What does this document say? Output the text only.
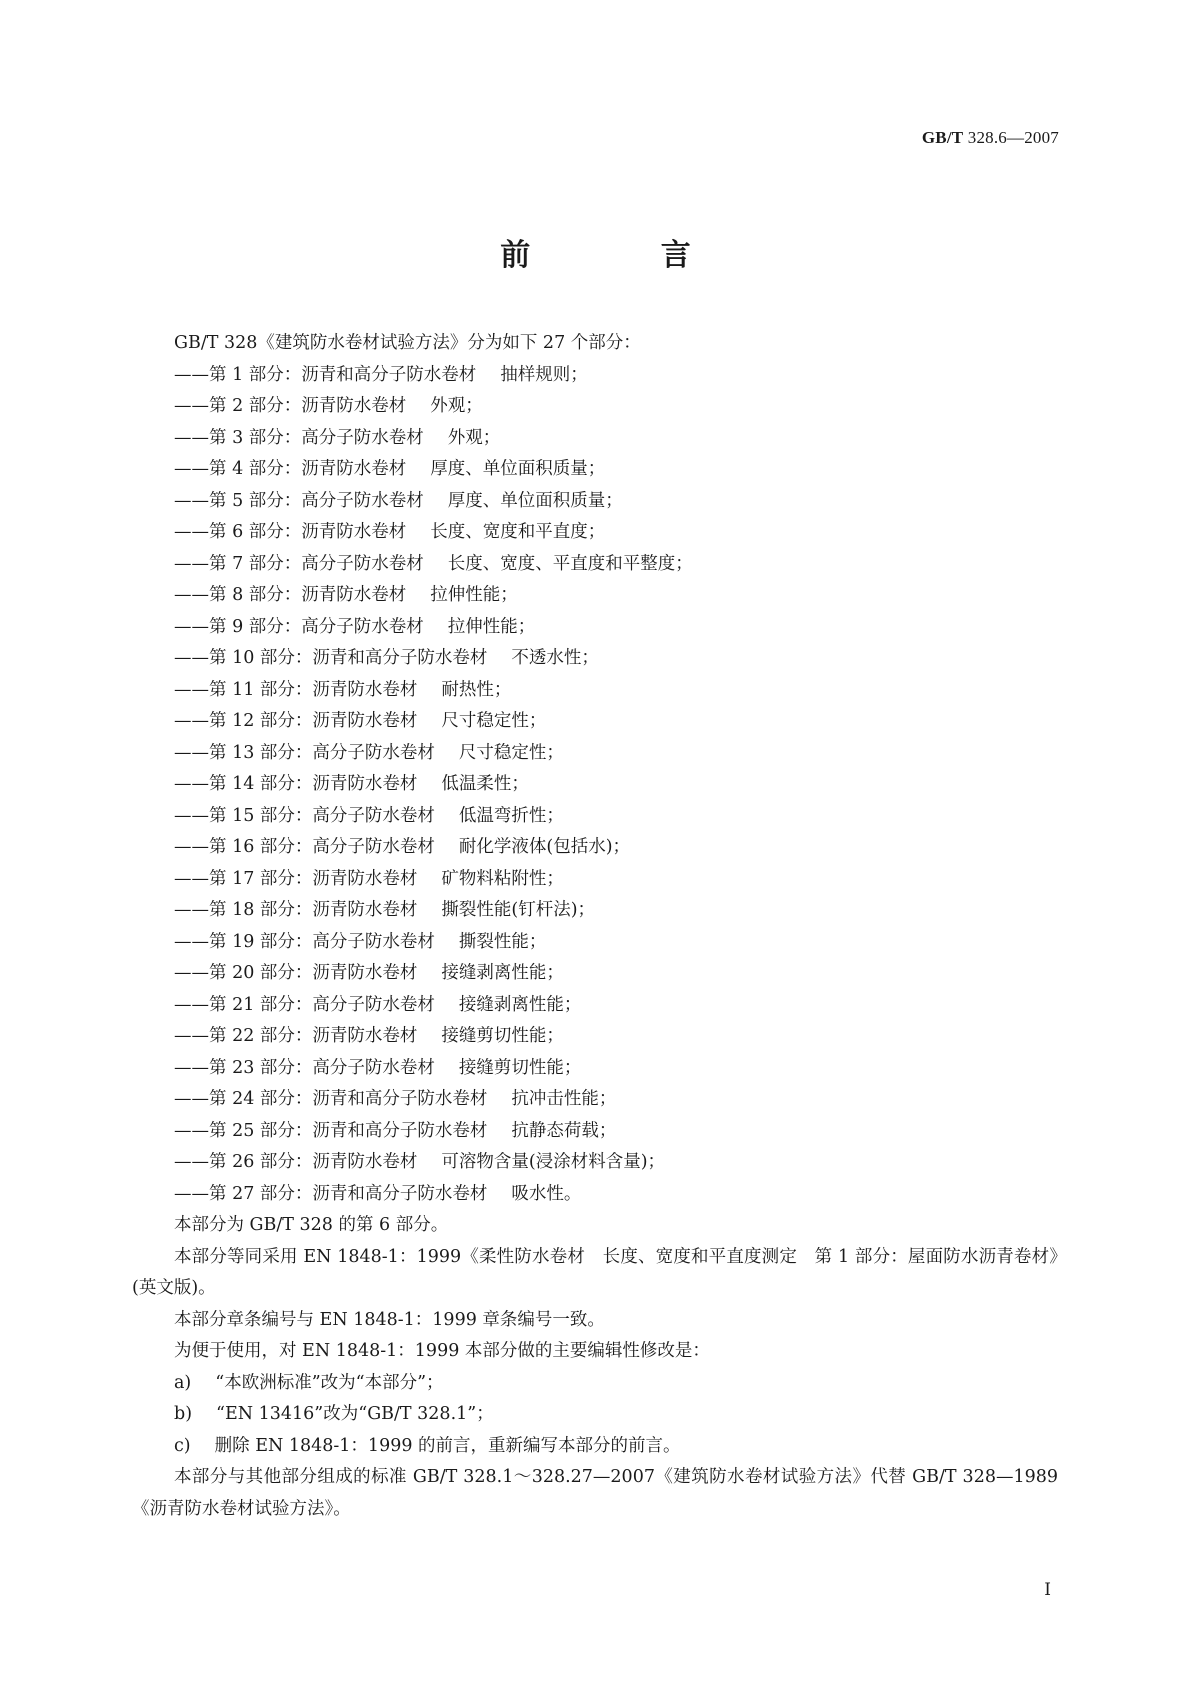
GB/T 328.6—2007
前 言
GB/T 328《建筑防水卷材试验方法》分为如下 27 个部分：
——第 1 部分：沥青和高分子防水卷材 抽样规则；
——第 2 部分：沥青防水卷材 外观；
——第 3 部分：高分子防水卷材 外观；
——第 4 部分：沥青防水卷材 厚度、单位面积质量；
——第 5 部分：高分子防水卷材 厚度、单位面积质量；
——第 6 部分：沥青防水卷材 长度、宽度和平直度；
——第 7 部分：高分子防水卷材 长度、宽度、平直度和平整度；
——第 8 部分：沥青防水卷材 拉伸性能；
——第 9 部分：高分子防水卷材 拉伸性能；
——第 10 部分：沥青和高分子防水卷材 不透水性；
——第 11 部分：沥青防水卷材 耐热性；
——第 12 部分：沥青防水卷材 尺寸稳定性；
——第 13 部分：高分子防水卷材 尺寸稳定性；
——第 14 部分：沥青防水卷材 低温柔性；
——第 15 部分：高分子防水卷材 低温弯折性；
——第 16 部分：高分子防水卷材 耐化学液体(包括水)；
——第 17 部分：沥青防水卷材 矿物料粘附性；
——第 18 部分：沥青防水卷材 撕裂性能(钉杆法)；
——第 19 部分：高分子防水卷材 撕裂性能；
——第 20 部分：沥青防水卷材 接缝剥离性能；
——第 21 部分：高分子防水卷材 接缝剥离性能；
——第 22 部分：沥青防水卷材 接缝剪切性能；
——第 23 部分：高分子防水卷材 接缝剪切性能；
——第 24 部分：沥青和高分子防水卷材 抗冲击性能；
——第 25 部分：沥青和高分子防水卷材 抗静态荷载；
——第 26 部分：沥青防水卷材 可溶物含量(浸涂材料含量)；
——第 27 部分：沥青和高分子防水卷材 吸水性。
本部分为 GB/T 328 的第 6 部分。
本部分等同采用 EN 1848-1：1999《柔性防水卷材　长度、宽度和平直度测定　第 1 部分：屋面防水沥青卷材》(英文版)。
本部分章条编号与 EN 1848-1：1999 章条编号一致。
为便于使用，对 EN 1848-1：1999 本部分做的主要编辑性修改是：
a) “本欧洲标准”改为“本部分”；
b) “EN 13416”改为“GB/T 328.1”；
c) 删除 EN 1848-1：1999 的前言，重新编写本部分的前言。
本部分与其他部分组成的标准 GB/T 328.1～328.27—2007《建筑防水卷材试验方法》代替 GB/T 328—1989《沥青防水卷材试验方法》。
I
